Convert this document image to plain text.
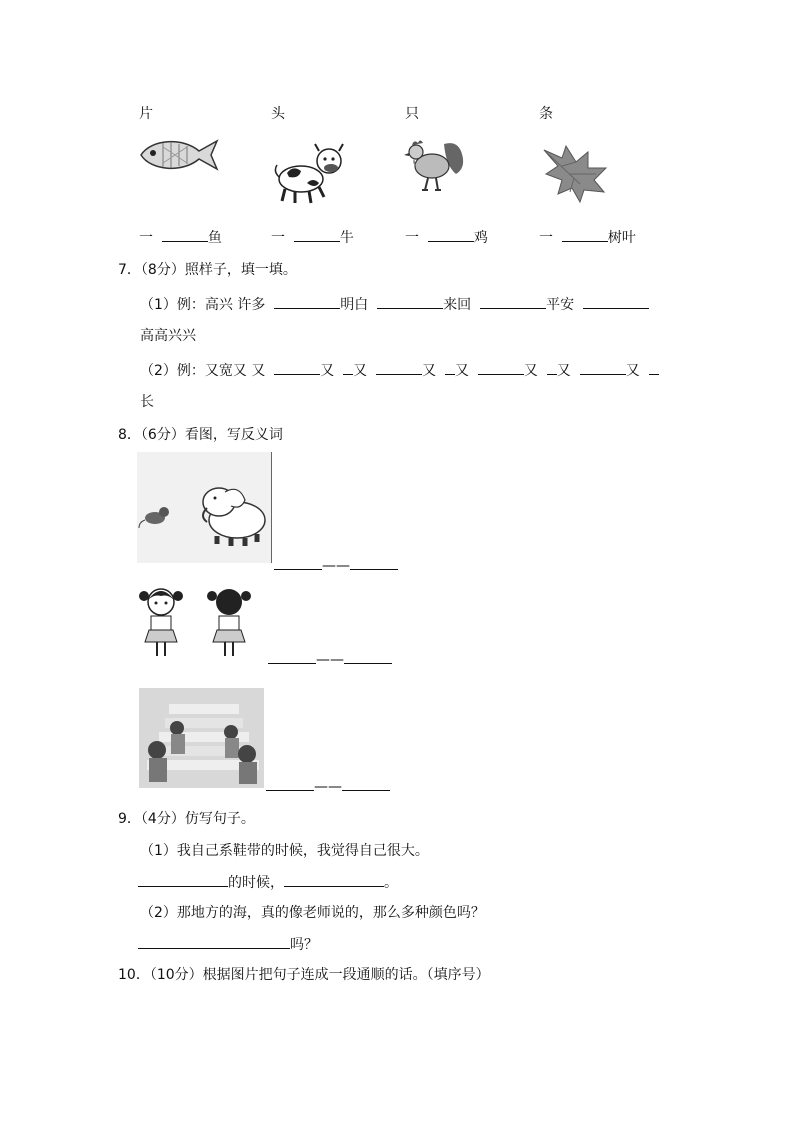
片	头	只	条
一	鱼	一	牛	一	鸡	一	树叶
7．（8分）照样子，填一填。
（1）例：高兴 许多	明白	来回	平安
高高兴兴
（2）例：又宽又 又	又 又	又 又	又 又	又
长
8．（6分）看图，写反义词
——
——
——
9．（4分）仿写句子。
（1）我自己系鞋带的时候，我觉得自己很大。
的时候，	。
（2）那地方的海，真的像老师说的，那么多种颜色吗？
吗？
10．（10分）根据图片把句子连成一段通顺的话。（填序号）
